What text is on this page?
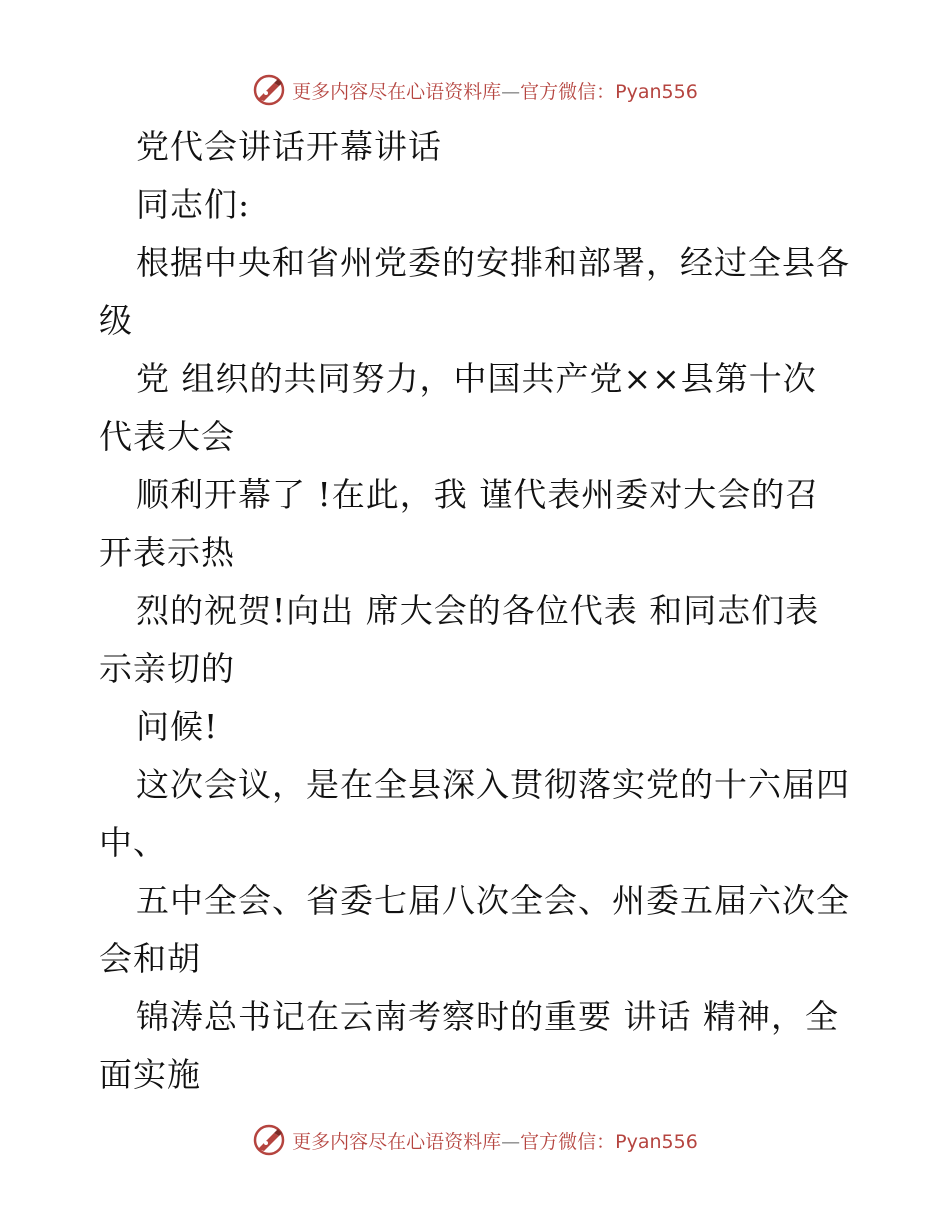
更多内容尽在心语资料库—官方微信：Pyan556
党代会讲话开幕讲话
同志们:
根据中央和省州党委的安排和部署，经过全县各
级
党 组织的共同努力，中国共产党××县第十次
代表大会
顺利开幕了 !在此，我 谨代表州委对大会的召
开表示热
烈的祝贺!向出 席大会的各位代表 和同志们表
示亲切的
问候!
这次会议，是在全县深入贯彻落实党的十六届四
中、
五中全会、省委七届八次全会、州委五届六次全
会和胡
锦涛总书记在云南考察时的重要 讲话 精神，全
面实施
更多内容尽在心语资料库—官方微信：Pyan556
